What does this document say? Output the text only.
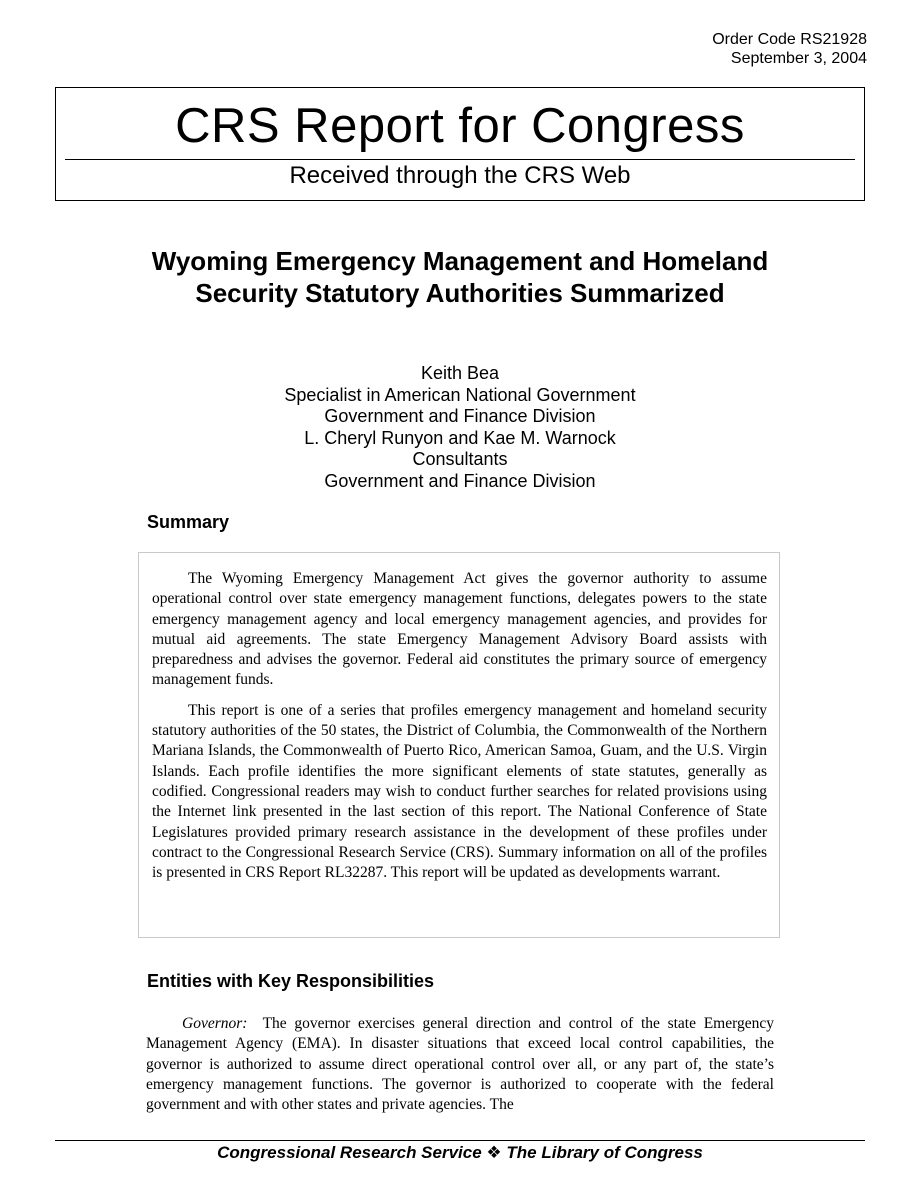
Order Code RS21928
September 3, 2004
CRS Report for Congress
Received through the CRS Web
Wyoming Emergency Management and Homeland Security Statutory Authorities Summarized
Keith Bea
Specialist in American National Government
Government and Finance Division
L. Cheryl Runyon and Kae M. Warnock
Consultants
Government and Finance Division
Summary

The Wyoming Emergency Management Act gives the governor authority to assume operational control over state emergency management functions, delegates powers to the state emergency management agency and local emergency management agencies, and provides for mutual aid agreements. The state Emergency Management Advisory Board assists with preparedness and advises the governor. Federal aid constitutes the primary source of emergency management funds.

This report is one of a series that profiles emergency management and homeland security statutory authorities of the 50 states, the District of Columbia, the Commonwealth of the Northern Mariana Islands, the Commonwealth of Puerto Rico, American Samoa, Guam, and the U.S. Virgin Islands. Each profile identifies the more significant elements of state statutes, generally as codified. Congressional readers may wish to conduct further searches for related provisions using the Internet link presented in the last section of this report. The National Conference of State Legislatures provided primary research assistance in the development of these profiles under contract to the Congressional Research Service (CRS). Summary information on all of the profiles is presented in CRS Report RL32287. This report will be updated as developments warrant.

Entities with Key Responsibilities

Governor: The governor exercises general direction and control of the state Emergency Management Agency (EMA). In disaster situations that exceed local control capabilities, the governor is authorized to assume direct operational control over all, or any part of, the state’s emergency management functions. The governor is authorized to cooperate with the federal government and with other states and private agencies. The

Congressional Research Service ❖ The Library of Congress
